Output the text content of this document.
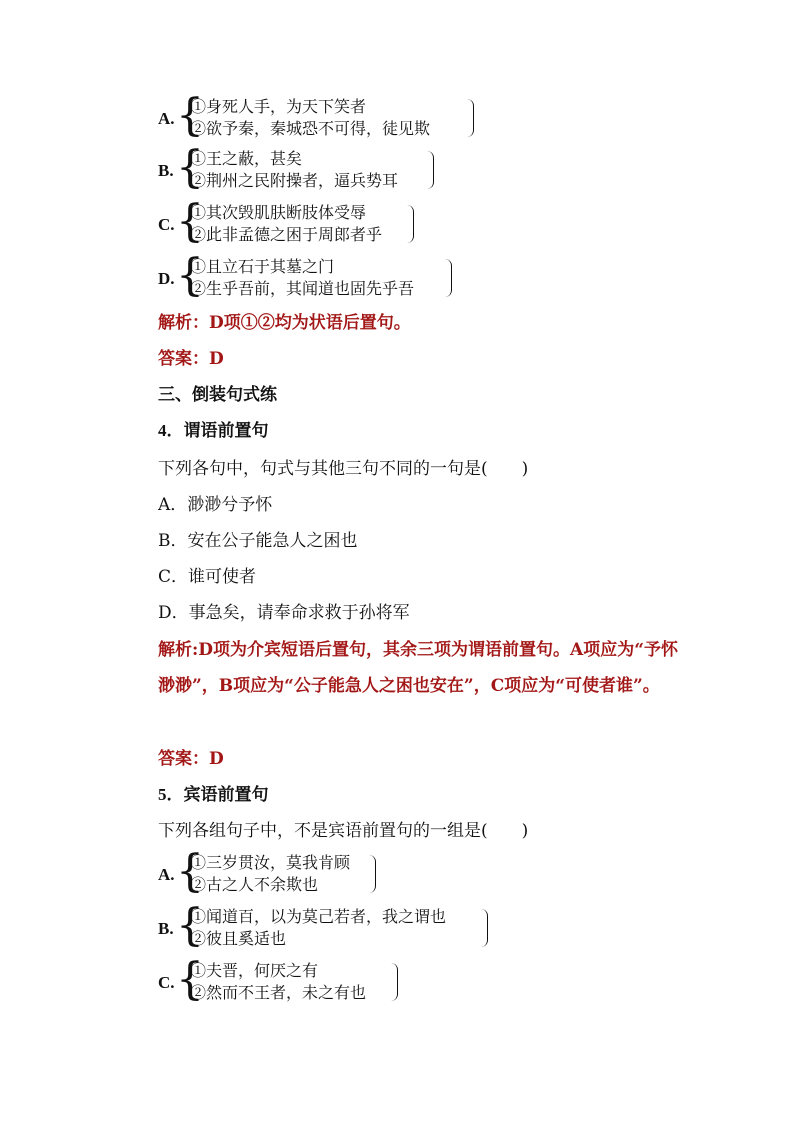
A. {
①身死人手，为天下笑者
②欲予秦，秦城恐不可得，徒见欺
B. {
①王之蔽，甚矣
②荆州之民附操者，逼兵势耳
C. {
①其次毁肌肤断肢体受辱
②此非孟德之困于周郎者乎
D. {
①且立石于其墓之门
②生乎吾前，其闻道也固先乎吾
解析：D项①②均为状语后置句。
答案：D
三、倒装句式练
4．谓语前置句
下列各句中，句式与其他三句不同的一句是(　　)
A．渺渺兮予怀
B．安在公子能急人之困也
C．谁可使者
D．事急矣，请奉命求救于孙将军
解析:D项为介宾短语后置句，其余三项为谓语前置句。A项应为“予怀渺渺”，B项应为“公子能急人之困也安在”，C项应为“可使者谁”。
答案：D
5．宾语前置句
下列各组句子中，不是宾语前置句的一组是(　　)
A. {
①三岁贯汝，莫我肯顾
②古之人不余欺也
B. {
①闻道百，以为莫己若者，我之谓也
②彼且奚适也
C. {
①夫晋，何厌之有
②然而不王者，未之有也
